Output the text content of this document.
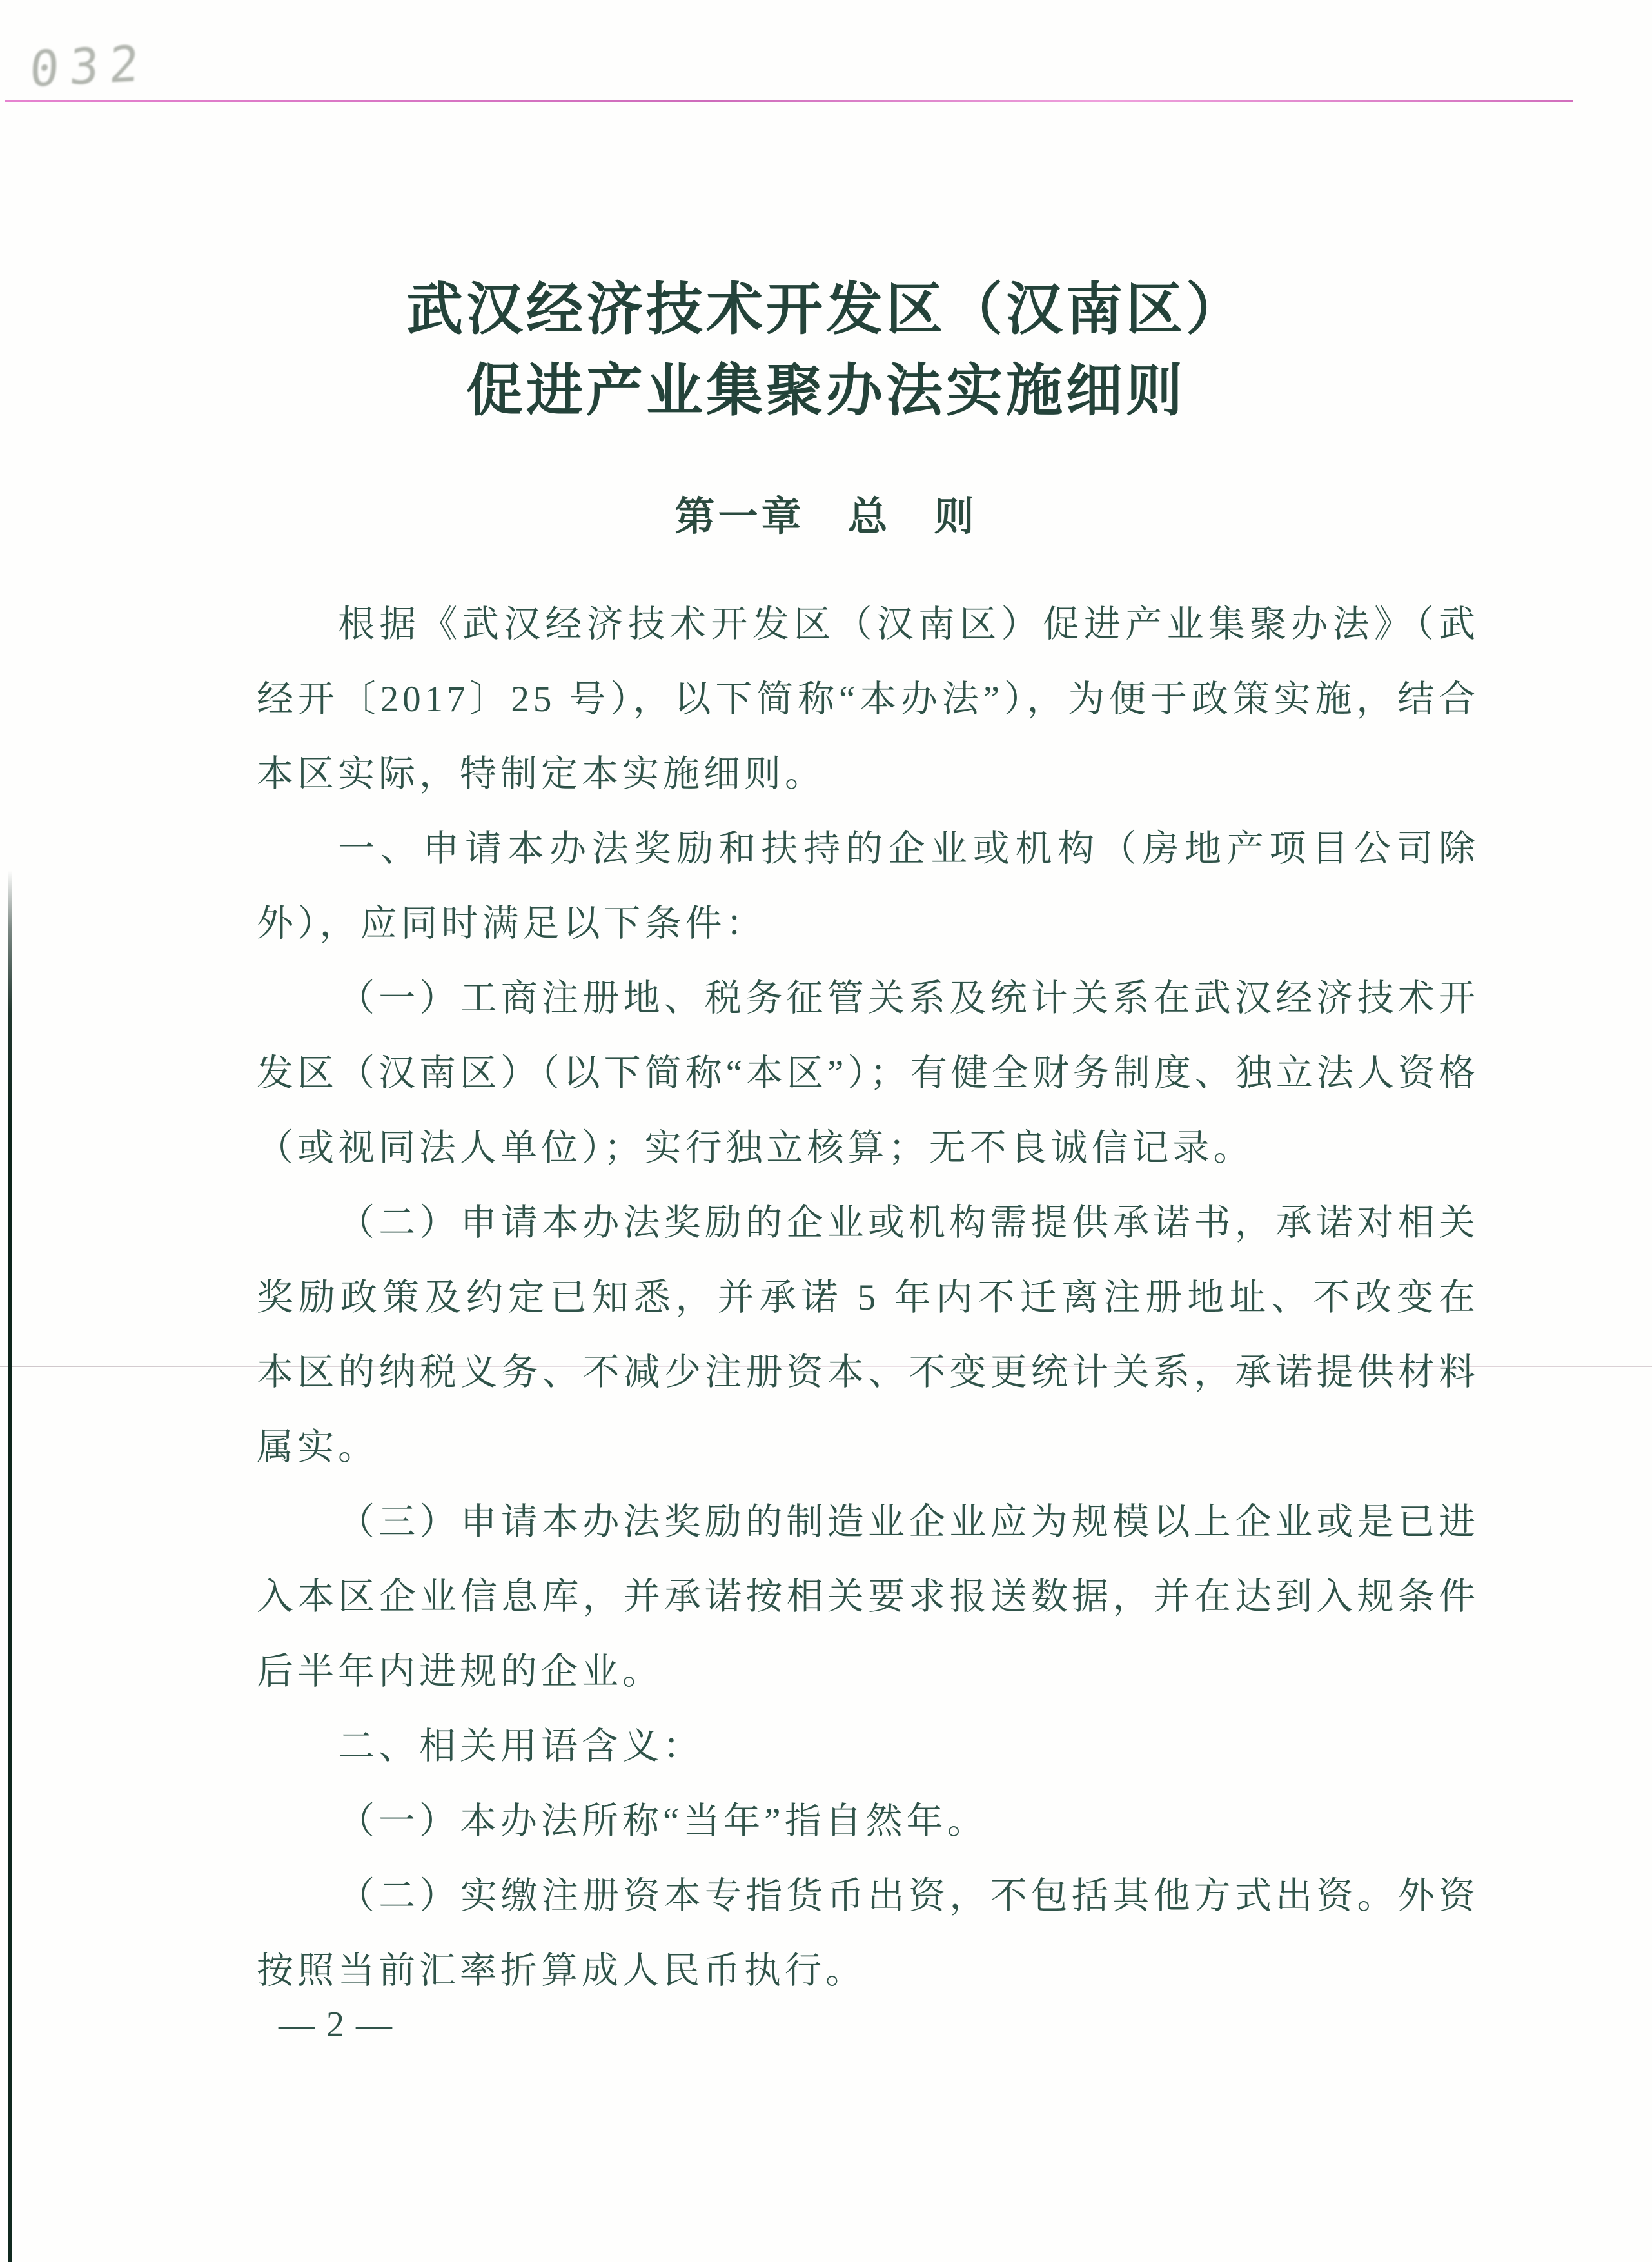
032
武汉经济技术开发区（汉南区）
促进产业集聚办法实施细则
第一章　总　则

根据《武汉经济技术开发区（汉南区）促进产业集聚办法》（武经开〔2017〕25 号），以下简称“本办法”），为便于政策实施，结合本区实际，特制定本实施细则。

一、申请本办法奖励和扶持的企业或机构（房地产项目公司除外），应同时满足以下条件：

（一）工商注册地、税务征管关系及统计关系在武汉经济技术开发区（汉南区）（以下简称“本区”）；有健全财务制度、独立法人资格（或视同法人单位）；实行独立核算；无不良诚信记录。

（二）申请本办法奖励的企业或机构需提供承诺书，承诺对相关奖励政策及约定已知悉，并承诺 5 年内不迁离注册地址、不改变在本区的纳税义务、不减少注册资本、不变更统计关系，承诺提供材料属实。

（三）申请本办法奖励的制造业企业应为规模以上企业或是已进入本区企业信息库，并承诺按相关要求报送数据，并在达到入规条件后半年内进规的企业。

二、相关用语含义：

（一）本办法所称“当年”指自然年。

（二）实缴注册资本专指货币出资，不包括其他方式出资。外资按照当前汇率折算成人民币执行。

— 2 —
